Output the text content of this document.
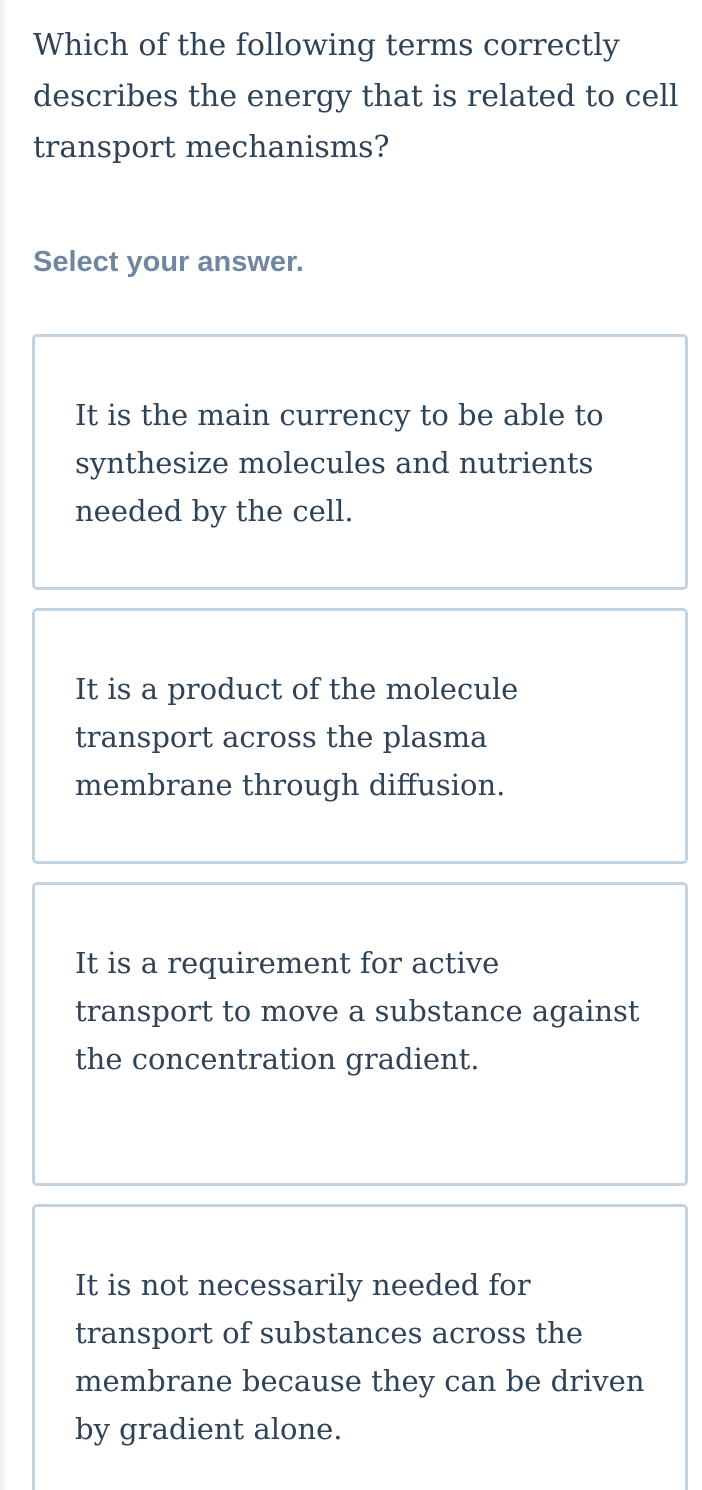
Which of the following terms correctly describes the energy that is related to cell transport mechanisms?

Select your answer.

It is the main currency to be able to synthesize molecules and nutrients needed by the cell.
It is a product of the molecule transport across the plasma membrane through diffusion.
It is a requirement for active transport to move a substance against the concentration gradient.
It is not necessarily needed for transport of substances across the membrane because they can be driven by gradient alone.
